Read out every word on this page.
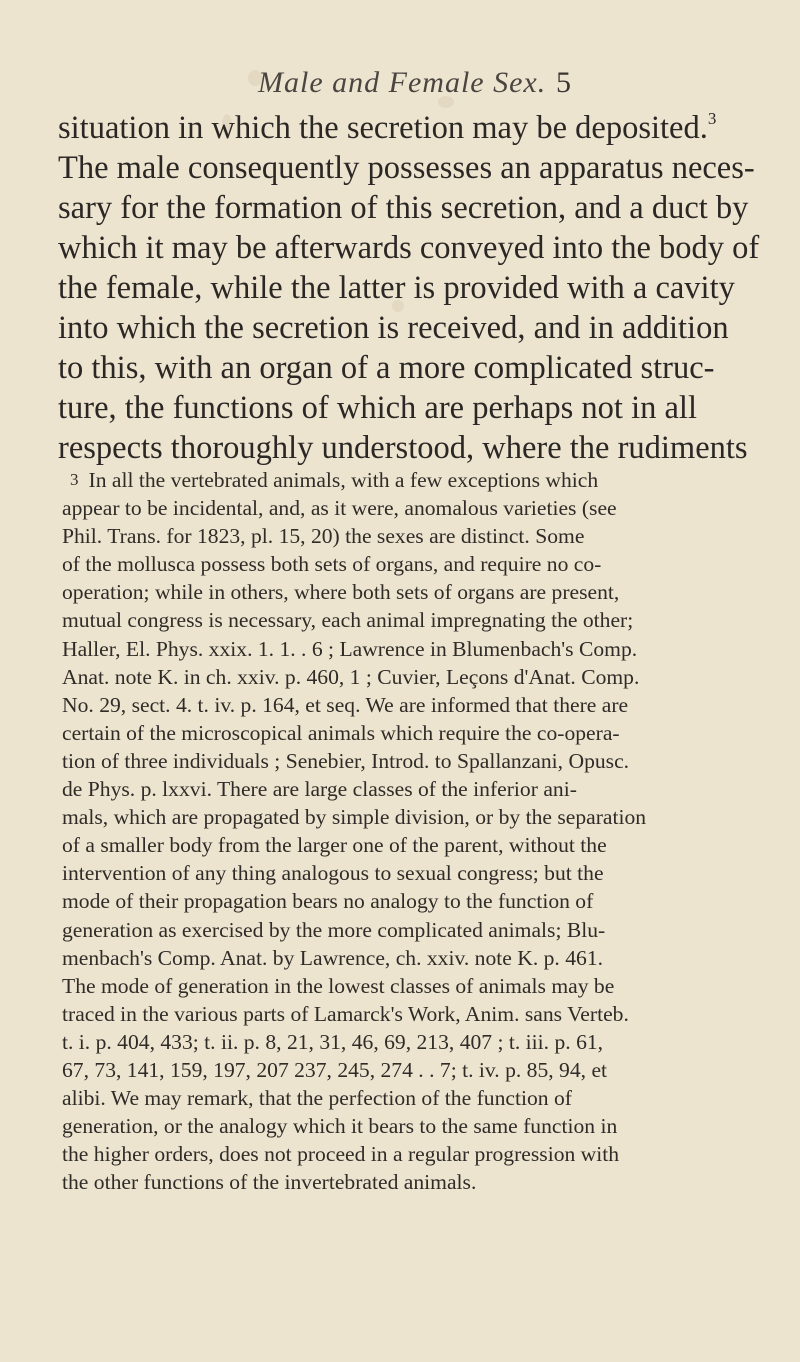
Male and Female Sex. 5
situation in which the secretion may be deposited.$^3$
The male consequently possesses an apparatus neces-
sary for the formation of this secretion, and a duct by
which it may be afterwards conveyed into the body of
the female, while the latter is provided with a cavity
into which the secretion is received, and in addition
to this, with an organ of a more complicated struc-
ture, the functions of which are perhaps not in all
respects thoroughly understood, where the rudiments
3 In all the vertebrated animals, with a few exceptions which
appear to be incidental, and, as it were, anomalous varieties (see
Phil. Trans. for 1823, pl. 15, 20) the sexes are distinct. Some
of the mollusca possess both sets of organs, and require no co-
operation; while in others, where both sets of organs are present,
mutual congress is necessary, each animal impregnating the other;
Haller, El. Phys. xxix. 1. 1. . 6 ; Lawrence in Blumenbach's Comp.
Anat. note K. in ch. xxiv. p. 460, 1 ; Cuvier, Leçons d'Anat. Comp.
No. 29, sect. 4. t. iv. p. 164, et seq. We are informed that there are
certain of the microscopical animals which require the co-opera-
tion of three individuals ; Senebier, Introd. to Spallanzani, Opusc.
de Phys. p. lxxvi. There are large classes of the inferior ani-
mals, which are propagated by simple division, or by the separation
of a smaller body from the larger one of the parent, without the
intervention of any thing analogous to sexual congress; but the
mode of their propagation bears no analogy to the function of
generation as exercised by the more complicated animals; Blu-
menbach's Comp. Anat. by Lawrence, ch. xxiv. note K. p. 461.
The mode of generation in the lowest classes of animals may be
traced in the various parts of Lamarck's Work, Anim. sans Verteb.
t. i. p. 404, 433; t. ii. p. 8, 21, 31, 46, 69, 213, 407 ; t. iii. p. 61,
67, 73, 141, 159, 197, 207 237, 245, 274 . . 7; t. iv. p. 85, 94, et
alibi. We may remark, that the perfection of the function of
generation, or the analogy which it bears to the same function in
the higher orders, does not proceed in a regular progression with
the other functions of the invertebrated animals.
